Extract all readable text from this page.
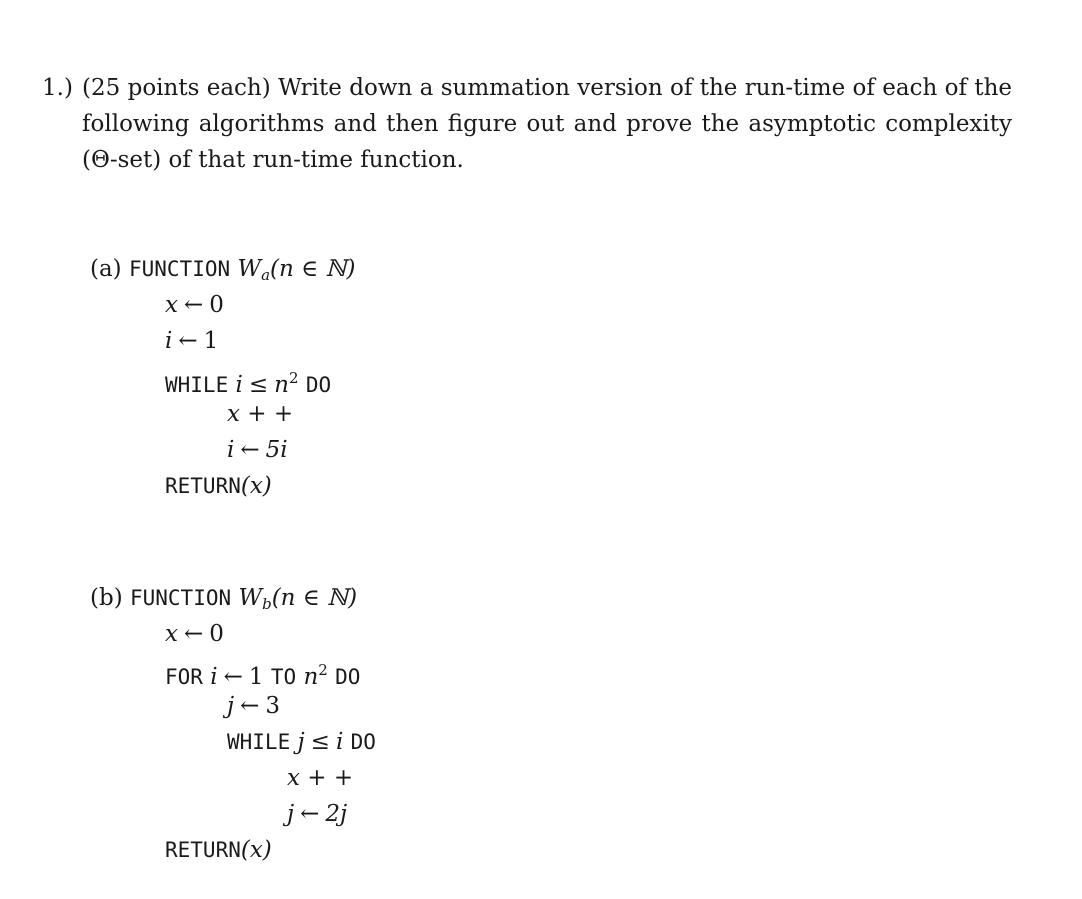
1.) (25 points each) Write down a summation version of the run-time of each of the following algorithms and then figure out and prove the asymptotic complexity (Θ-set) of that run-time function.
(a) FUNCTION $W_a(n$ ∈ ℕ)
x ← 0
i ← 1
WHILE $i \le n^2$ DO
x + +
i ← 5i
RETURN(x)
(b) FUNCTION $W_b(n$ ∈ ℕ)
x ← 0
FOR i ← 1 TO $n^2$ DO
j ← 3
WHILE j ≤ i DO
x + +
j ← 2j
RETURN(x)
